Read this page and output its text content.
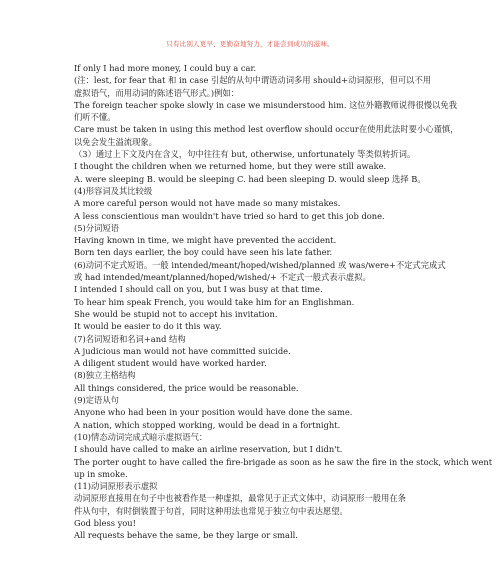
只有比别人更早、更勤奋地努力，才能尝到成功的滋味。
If only I had more money, I could buy a car.
(注：lest, for fear that 和 in case 引起的从句中谓语动词多用 should+动词原形，但可以不用
虚拟语气，而用动词的陈述语气形式。)例如：
The foreign teacher spoke slowly in case we misunderstood him. 这位外籍教师说得很慢以免我
们听不懂。
Care must be taken in using this method lest overflow should occur在使用此法时要小心谨慎，
以免会发生溢流现象。
（3）通过上下文及内在含义，句中往往有 but, otherwise, unfortunately 等类似转折词。
I thought the children when we returned home, but they were still awake.
A. were sleeping B. would be sleeping C. had been sleeping D. would sleep 选择 B。
(4)形容词及其比较级
A more careful person would not have made so many mistakes.
A less conscientious man wouldn't have tried so hard to get this job done.
(5)分词短语
Having known in time, we might have prevented the accident.
Born ten days earlier, the boy could have seen his late father.
(6)动词不定式短语。一般 intended/meant/hoped/wished/planned 或 was/were+不定式完成式
或 had intended/meant/planned/hoped/wished/+ 不定式一般式表示虚拟。
I intended I should call on you, but I was busy at that time.
To hear him speak French, you would take him for an Englishman.
She would be stupid not to accept his invitation.
It would be easier to do it this way.
(7)名词短语和名词+and 结构
A judicious man would not have committed suicide.
A diligent student would have worked harder.
(8)独立主格结构
All things considered, the price would be reasonable.
(9)定语从句
Anyone who had been in your position would have done the same.
A nation, which stopped working, would be dead in a fortnight.
(10)情态动词完成式暗示虚拟语气：
I should have called to make an airline reservation, but I didn't.
The porter ought to have called the fire-brigade as soon as he saw the fire in the stock, which went
up in smoke.
(11)动词原形表示虚拟
动词原形直接用在句子中也被看作是一种虚拟，最常见于正式文体中，动词原形一般用在条
件从句中，有时倒装置于句首，同时这种用法也常见于独立句中表达愿望。
God bless you!
All requests behave the same, be they large or small.
